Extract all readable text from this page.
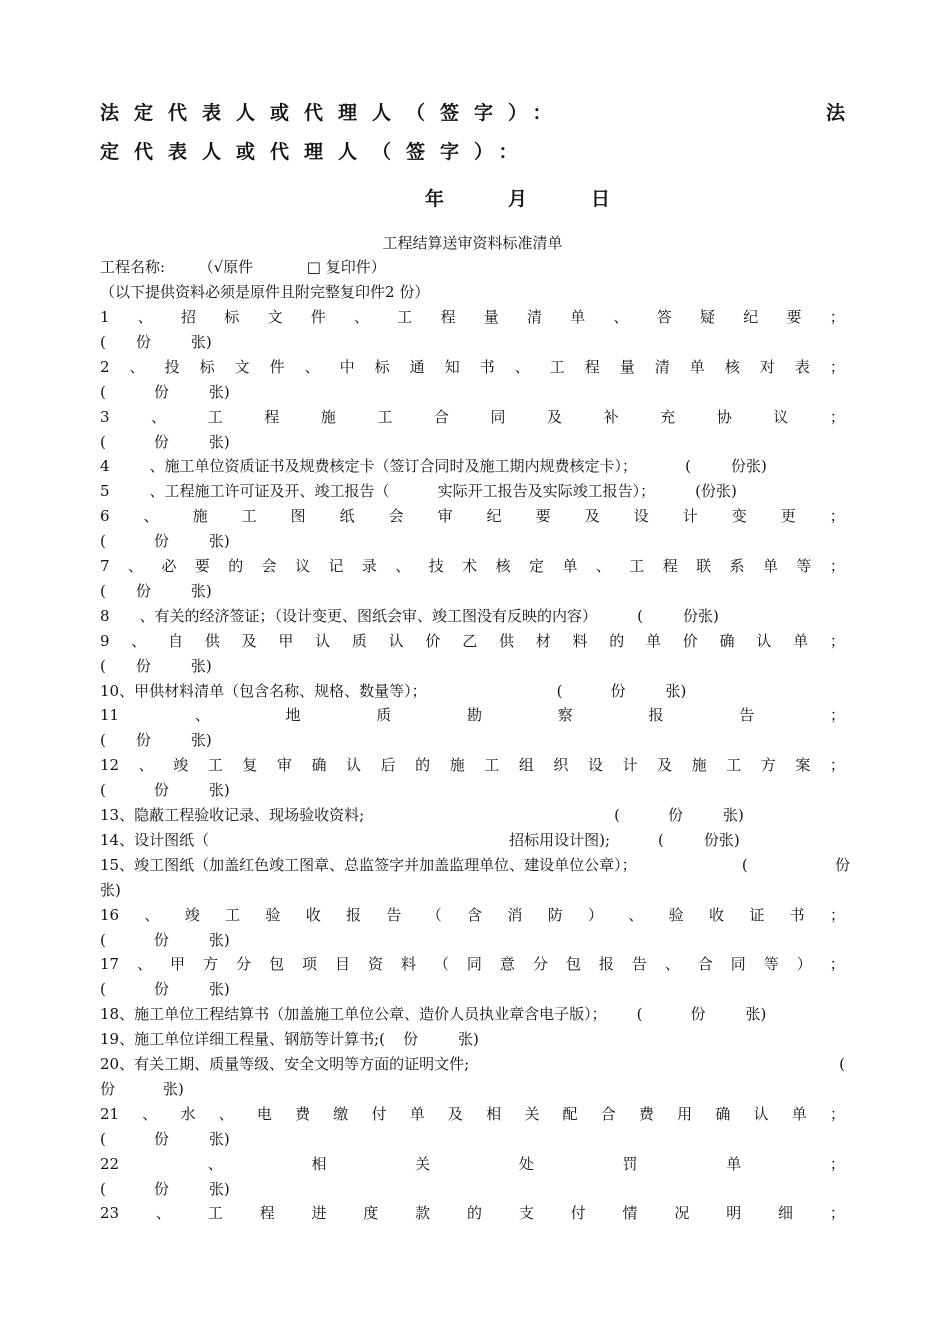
法定代表人或代理人（签字）：	法
定代表人或代理人（签字）：
年	月	日
工程结算送审资料标准清单
工程名称: （√原件	□ 复印件）
（以下提供资料必须是原件且附完整复印件2 份）
1 、 招 标 文 件 、 工 程 量 清 单 、 答 疑 纪 要 ；
( 份	张)
2 、 投 标 文 件 、 中 标 通 知 书 、 工 程 量 清 单 核 对 表 ；
(	份	张)
3	、	工	程	施	工	合	同	及	补	充	协	议	；
(	份	张)
4	、施工单位资质证书及规费核定卡（签订合同时及施工期内规费核定卡）；	(	份张)
5	、工程施工许可证及开、竣工报告（	实际开工报告及实际竣工报告）；	(份张)
6 、 施 工 图 纸 会 审 纪 要 及 设 计 变 更 ；
(	份	张)
7 、 必 要 的 会 议 记 录 、 技 术 核 定 单 、 工 程 联 系 单 等 ；
( 份	张)
8 、有关的经济签证；（设计变更、图纸会审、竣工图没有反映的内容）	(	份张)
9 、 自 供 及 甲 认 质 认 价 乙 供 材 料 的 单 价 确 认 单 ；
( 份	张)
10、甲供材料清单（包含名称、规格、数量等）；	(	份	张)
11	、	地	质	勘	察	报	告	；
( 份	张)
12 、 竣 工 复 审 确 认 后 的 施 工 组 织 设 计 及 施 工 方 案 ；
(	份	张)
13、隐蔽工程验收记录、现场验收资料;	(	份	张)
14、设计图纸（	招标用设计图);	(	份张)
15、竣工图纸（加盖红色竣工图章、总监签字并加盖监理单位、建设单位公章）；	(	份
张)
16 、 竣 工 验 收 报 告 （ 含 消 防 ） 、 验 收 证 书 ；
(	份	张)
17 、 甲 方 分 包 项 目 资 料 （ 同 意 分 包 报 告 、 合 同 等 ） ；
(	份	张)
18、施工单位工程结算书（加盖施工单位公章、造价人员执业章含电子版）； (	份	张)
19、施工单位详细工程量、钢筋等计算书;( 份	张)
20、有关工期、质量等级、安全文明等方面的证明文件;	(
份	张)
21 、 水 、 电 费 缴 付 单 及 相 关 配 合 费 用 确 认 单 ；
(	份	张)
22	、	相	关	处	罚	单	；
(	份	张)
23 、 工 程 进 度 款 的 支 付 情 况 明 细 ；
